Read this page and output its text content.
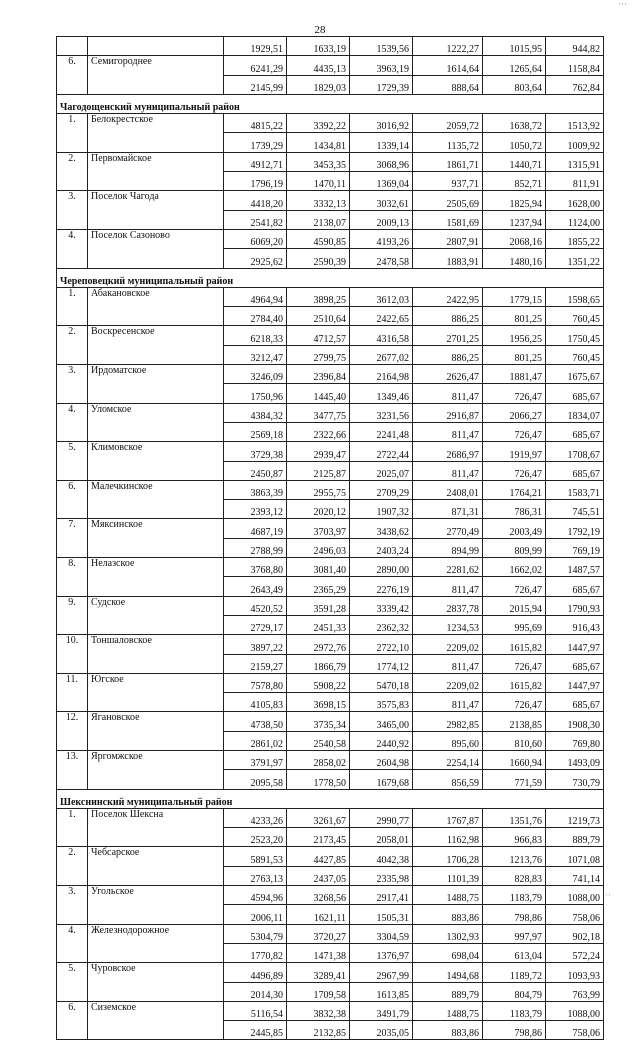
28
' ' '
' ' '
		1929,51	1633,19	1539,56	1222,27	1015,95	944,82
6.	Семигороднее	6241,29	4435,13	3963,19	1614,64	1265,64	1158,84
		2145,99	1829,03	1729,39	888,64	803,64	762,84
Чагодощенский муниципальный район							
1.	Белокрестское	4815,22	3392,22	3016,92	2059,72	1638,72	1513,92
		1739,29	1434,81	1339,14	1135,72	1050,72	1009,92
2.	Первомайское	4912,71	3453,35	3068,96	1861,71	1440,71	1315,91
		1796,19	1470,11	1369,04	937,71	852,71	811,91
3.	Поселок Чагода	4418,20	3332,13	3032,61	2505,69	1825,94	1628,00
		2541,82	2138,07	2009,13	1581,69	1237,94	1124,00
4.	Поселок Сазоново	6069,20	4590,85	4193,26	2807,91	2068,16	1855,22
		2925,62	2590,39	2478,58	1883,91	1480,16	1351,22
Череповецкий муниципальный район							
1.	Абакановское	4964,94	3898,25	3612,03	2422,95	1779,15	1598,65
		2784,40	2510,64	2422,65	886,25	801,25	760,45
2.	Воскресенское	6218,33	4712,57	4316,58	2701,25	1956,25	1750,45
		3212,47	2799,75	2677,02	886,25	801,25	760,45
3.	Ирдоматское	3246,09	2396,84	2164,98	2626,47	1881,47	1675,67
		1750,96	1445,40	1349,46	811,47	726,47	685,67
4.	Уломское	4384,32	3477,75	3231,56	2916,87	2066,27	1834,07
		2569,18	2322,66	2241,48	811,47	726,47	685,67
5.	Климовское	3729,38	2939,47	2722,44	2686,97	1919,97	1708,67
		2450,87	2125,87	2025,07	811,47	726,47	685,67
6.	Малечкинское	3863,39	2955,75	2709,29	2408,01	1764,21	1583,71
		2393,12	2020,12	1907,32	871,31	786,31	745,51
7.	Мяксинское	4687,19	3703,97	3438,62	2770,49	2003,49	1792,19
		2788,99	2496,03	2403,24	894,99	809,99	769,19
8.	Нелазское	3768,80	3081,40	2890,00	2281,62	1662,02	1487,57
		2643,49	2365,29	2276,19	811,47	726,47	685,67
9.	Судское	4520,52	3591,28	3339,42	2837,78	2015,94	1790,93
		2729,17	2451,33	2362,32	1234,53	995,69	916,43
10.	Тоншаловское	3897,22	2972,76	2722,10	2209,02	1615,82	1447,97
		2159,27	1866,79	1774,12	811,47	726,47	685,67
11.	Югское	7578,80	5908,22	5470,18	2209,02	1615,82	1447,97
		4105,83	3698,15	3575,83	811,47	726,47	685,67
12.	Ягановское	4738,50	3735,34	3465,00	2982,85	2138,85	1908,30
		2861,02	2540,58	2440,92	895,60	810,60	769,80
13.	Яргомжское	3791,97	2858,02	2604,98	2254,14	1660,94	1493,09
		2095,58	1778,50	1679,68	856,59	771,59	730,79
Шекснинский муниципальный район							
1.	Поселок Шексна	4233,26	3261,67	2990,77	1767,87	1351,76	1219,73
		2523,20	2173,45	2058,01	1162,98	966,83	889,79
2.	Чебсарское	5891,53	4427,85	4042,38	1706,28	1213,76	1071,08
		2763,13	2437,05	2335,98	1101,39	828,83	741,14
3.	Угольское	4594,96	3268,56	2917,41	1488,75	1183,79	1088,00
		2006,11	1621,11	1505,31	883,86	798,86	758,06
4.	Железнодорожное	5304,79	3720,27	3304,59	1302,93	997,97	902,18
		1770,82	1471,38	1376,97	698,04	613,04	572,24
5.	Чуровское	4496,89	3289,41	2967,99	1494,68	1189,72	1093,93
		2014,30	1709,58	1613,85	889,79	804,79	763,99
6.	Сиземское	5116,54	3832,38	3491,79	1488,75	1183,79	1088,00
		2445,85	2132,85	2035,05	883,86	798,86	758,06
